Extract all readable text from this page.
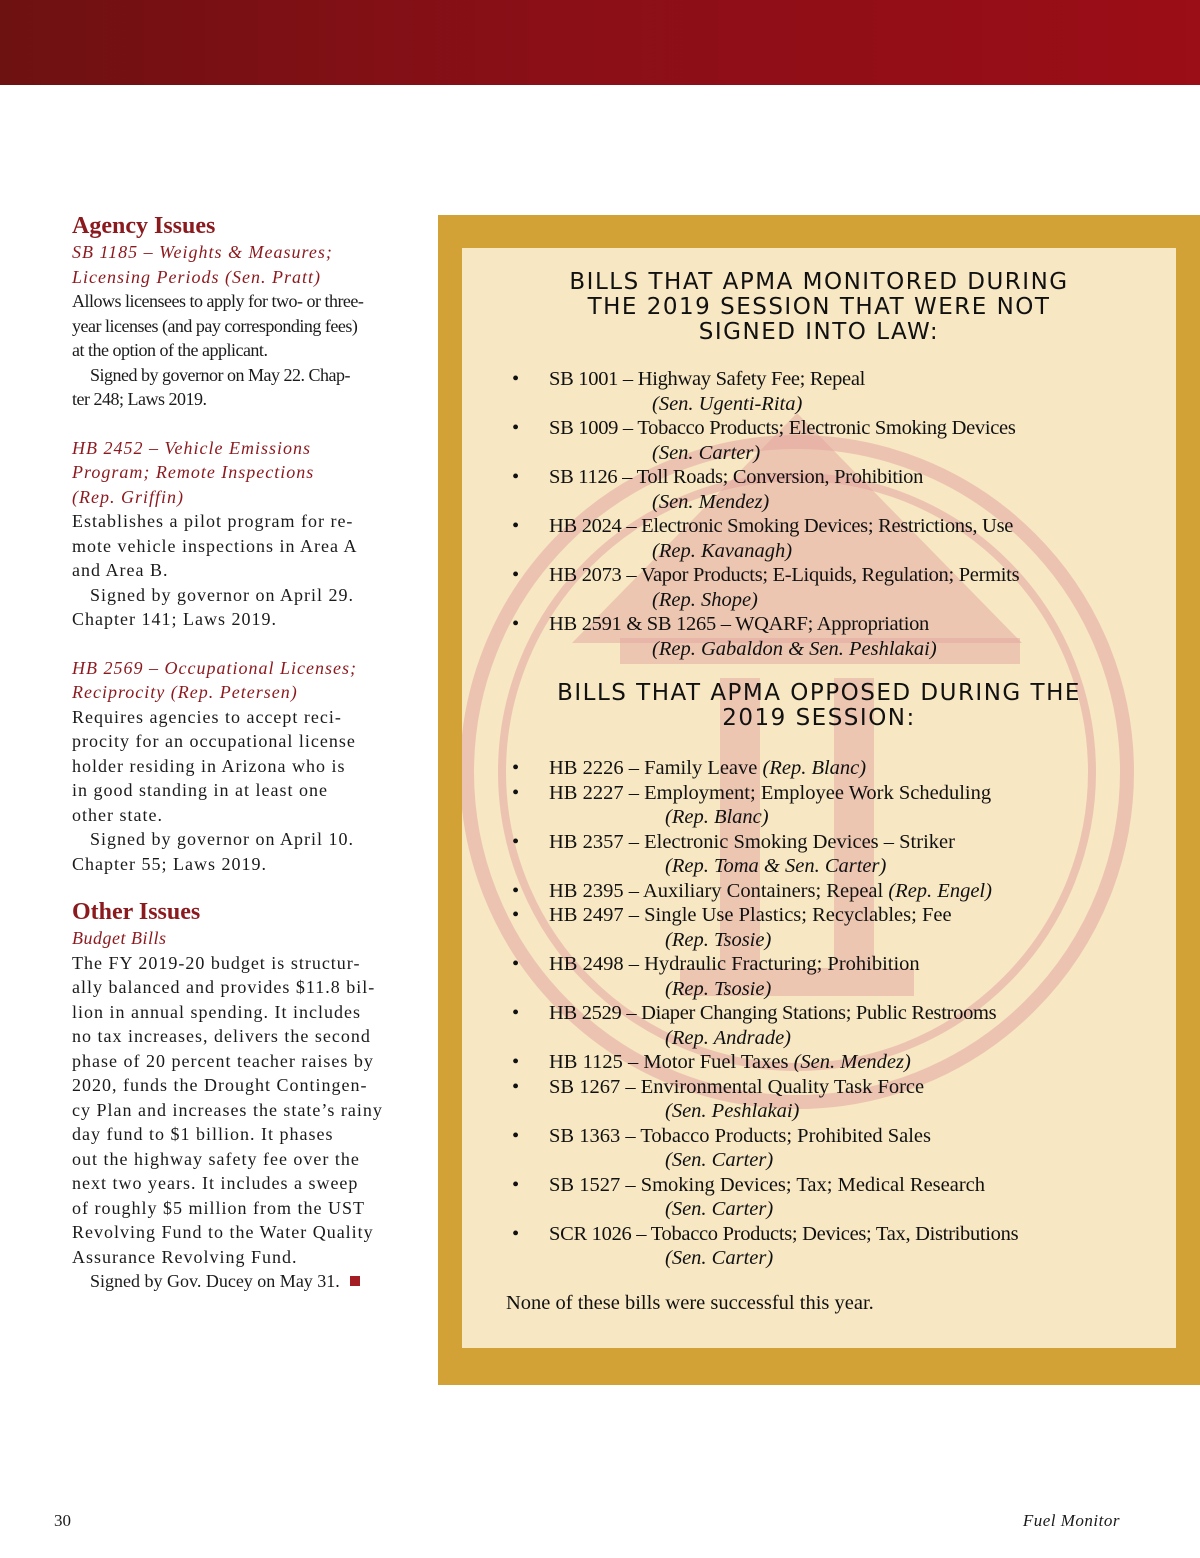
Agency Issues
SB 1185 – Weights & Measures;
Licensing Periods (Sen. Pratt)
Allows licensees to apply for two- or three-
year licenses (and pay corresponding fees)
at the option of the applicant.
Signed by governor on May 22. Chap-
ter 248; Laws 2019.
HB 2452 – Vehicle Emissions
Program; Remote Inspections
(Rep. Griffin)
Establishes a pilot program for re-
mote vehicle inspections in Area A
and Area B.
Signed by governor on April 29.
Chapter 141; Laws 2019.
HB 2569 – Occupational Licenses;
Reciprocity (Rep. Petersen)
Requires agencies to accept reci-
procity for an occupational license
holder residing in Arizona who is
in good standing in at least one
other state.
Signed by governor on April 10.
Chapter 55; Laws 2019.
Other Issues
Budget Bills
The FY 2019-20 budget is structur-
ally balanced and provides $11.8 bil-
lion in annual spending. It includes
no tax increases, delivers the second
phase of 20 percent teacher raises by
2020, funds the Drought Contingen-
cy Plan and increases the state’s rainy
day fund to $1 billion. It phases
out the highway safety fee over the
next two years. It includes a sweep
of roughly $5 million from the UST
Revolving Fund to the Water Quality
Assurance Revolving Fund.
Signed by Gov. Ducey on May 31.
BILLS THAT APMA MONITORED DURING
THE 2019 SESSION THAT WERE NOT
SIGNED INTO LAW:
• SB 1001 – Highway Safety Fee; Repeal
(Sen. Ugenti-Rita)
• SB 1009 – Tobacco Products; Electronic Smoking Devices
(Sen. Carter)
• SB 1126 – Toll Roads; Conversion, Prohibition
(Sen. Mendez)
• HB 2024 – Electronic Smoking Devices; Restrictions, Use
(Rep. Kavanagh)
• HB 2073 – Vapor Products; E-Liquids, Regulation; Permits
(Rep. Shope)
• HB 2591 & SB 1265 – WQARF; Appropriation
(Rep. Gabaldon & Sen. Peshlakai)
BILLS THAT APMA OPPOSED DURING THE
2019 SESSION:
• HB 2226 – Family Leave (Rep. Blanc)
• HB 2227 – Employment; Employee Work Scheduling
(Rep. Blanc)
• HB 2357 – Electronic Smoking Devices – Striker
(Rep. Toma & Sen. Carter)
• HB 2395 – Auxiliary Containers; Repeal (Rep. Engel)
• HB 2497 – Single Use Plastics; Recyclables; Fee
(Rep. Tsosie)
• HB 2498 – Hydraulic Fracturing; Prohibition
(Rep. Tsosie)
• HB 2529 – Diaper Changing Stations; Public Restrooms
(Rep. Andrade)
• HB 1125 – Motor Fuel Taxes (Sen. Mendez)
• SB 1267 – Environmental Quality Task Force
(Sen. Peshlakai)
• SB 1363 – Tobacco Products; Prohibited Sales
(Sen. Carter)
• SB 1527 – Smoking Devices; Tax; Medical Research
(Sen. Carter)
• SCR 1026 – Tobacco Products; Devices; Tax, Distributions
(Sen. Carter)
None of these bills were successful this year.
30	Fuel Monitor
